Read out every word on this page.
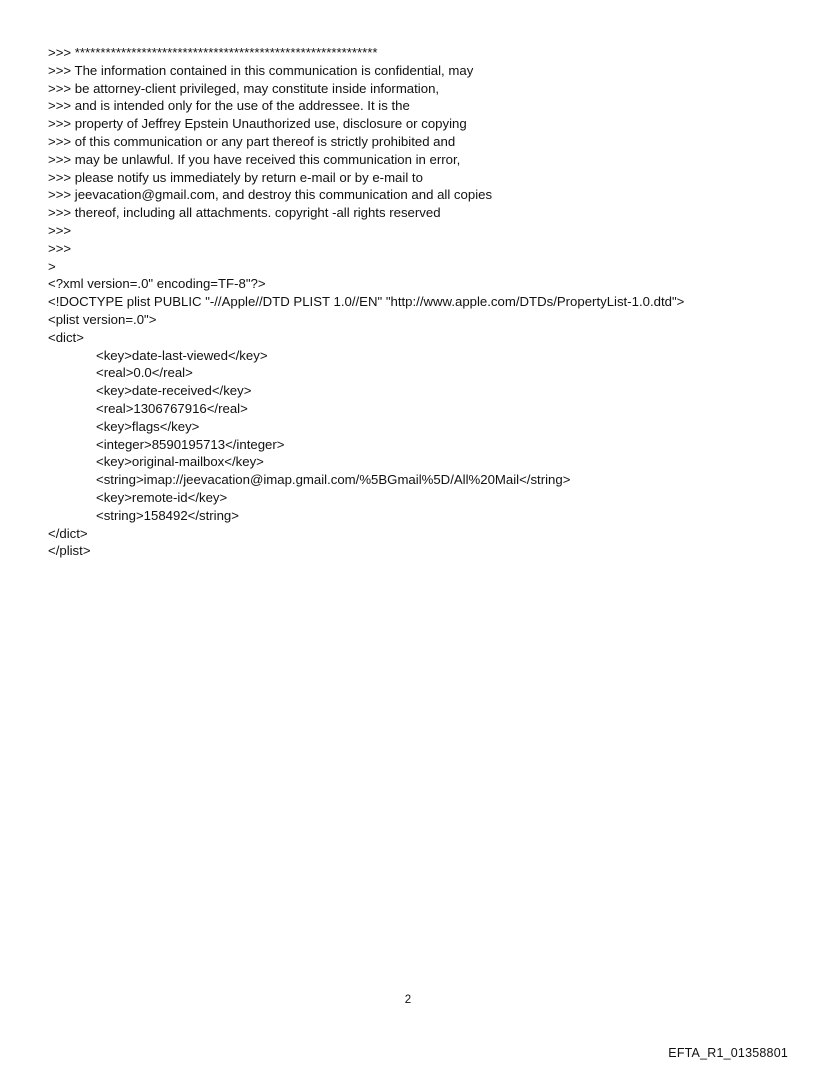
>>> ***********************************************************
>>> The information contained in this communication is confidential, may
>>> be attorney-client privileged, may constitute inside information,
>>> and is intended only for the use of the addressee. It is the
>>> property of Jeffrey Epstein Unauthorized use, disclosure or copying
>>> of this communication or any part thereof is strictly prohibited and
>>> may be unlawful. If you have received this communication in error,
>>> please notify us immediately by return e-mail or by e-mail to
>>> jeevacation@gmail.com, and destroy this communication and all copies
>>> thereof, including all attachments. copyright -all rights reserved
>>>
>>>
>
<?xml version=.0" encoding=TF-8"?>
<!DOCTYPE plist PUBLIC "-//Apple//DTD PLIST 1.0//EN" "http://www.apple.com/DTDs/PropertyList-1.0.dtd">
<plist version=.0">
<dict>
<key>date-last-viewed</key>
<real>0.0</real>
<key>date-received</key>
<real>1306767916</real>
<key>flags</key>
<integer>8590195713</integer>
<key>original-mailbox</key>
<string>imap://jeevacation@imap.gmail.com/%5BGmail%5D/All%20Mail</string>
<key>remote-id</key>
<string>158492</string>
</dict>
</plist>
2
EFTA_R1_01358801
